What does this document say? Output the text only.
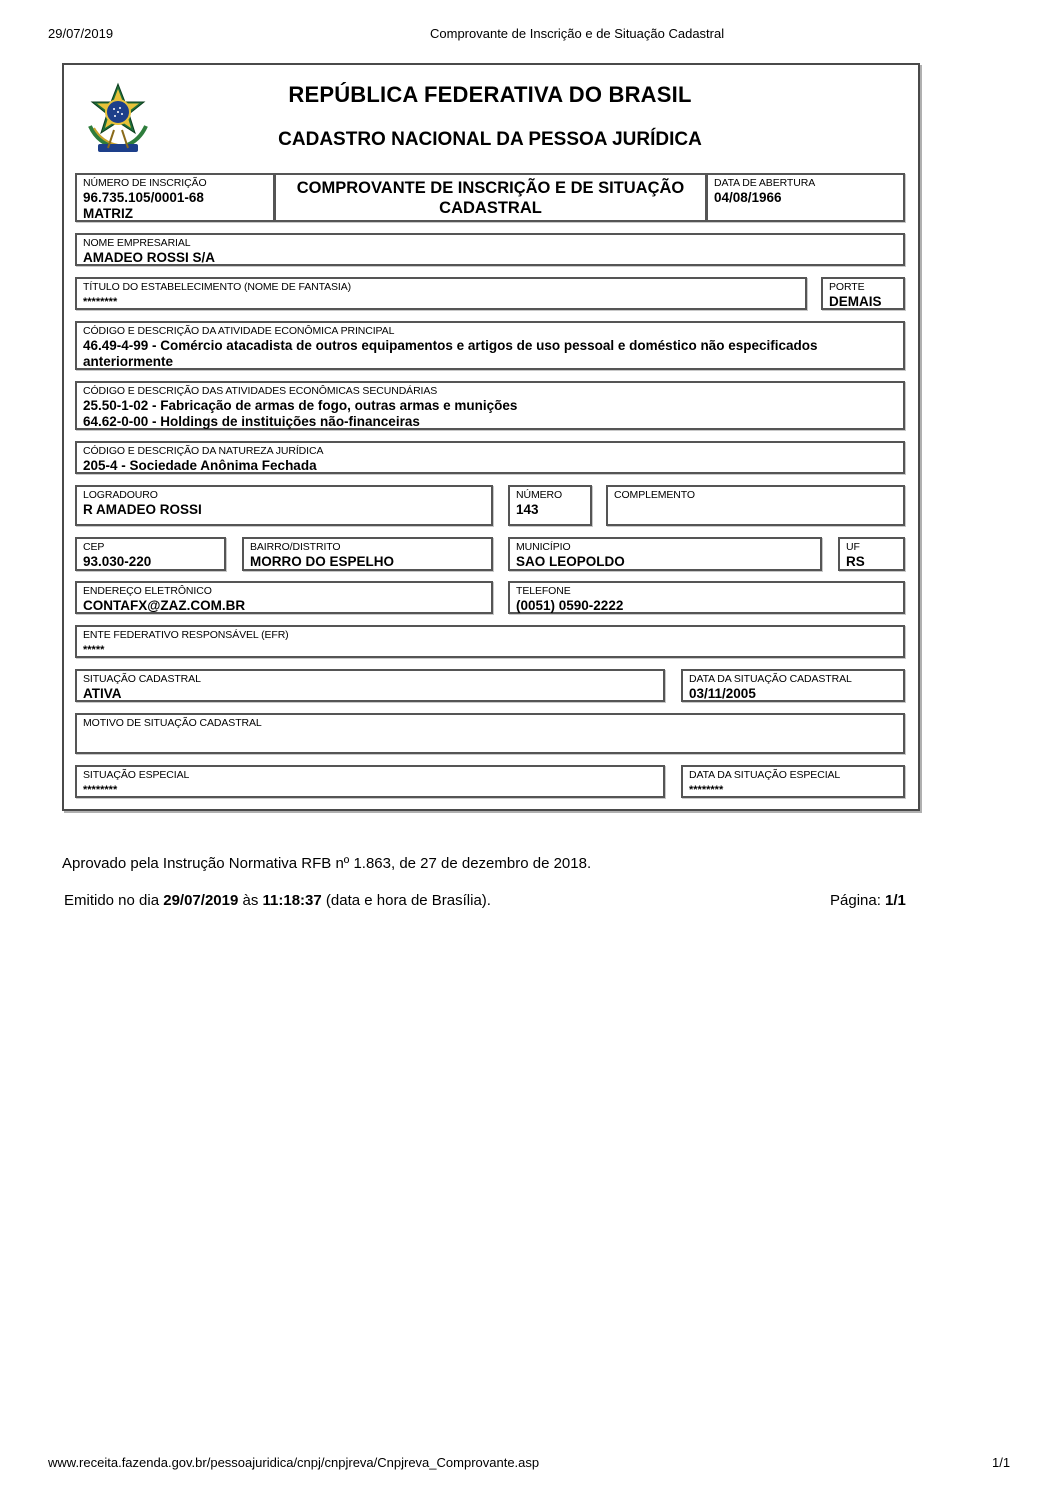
29/07/2019	Comprovante de Inscrição e de Situação Cadastral
REPÚBLICA FEDERATIVA DO BRASIL
CADASTRO NACIONAL DA PESSOA JURÍDICA
NÚMERO DE INSCRIÇÃO
96.735.105/0001-68
MATRIZ
COMPROVANTE DE INSCRIÇÃO E DE SITUAÇÃO
CADASTRAL
DATA DE ABERTURA
04/08/1966
NOME EMPRESARIAL
AMADEO ROSSI S/A
TÍTULO DO ESTABELECIMENTO (NOME DE FANTASIA)
********
PORTE
DEMAIS
CÓDIGO E DESCRIÇÃO DA ATIVIDADE ECONÔMICA PRINCIPAL
46.49-4-99 - Comércio atacadista de outros equipamentos e artigos de uso pessoal e doméstico não especificados anteriormente
CÓDIGO E DESCRIÇÃO DAS ATIVIDADES ECONÔMICAS SECUNDÁRIAS
25.50-1-02 - Fabricação de armas de fogo, outras armas e munições
64.62-0-00 - Holdings de instituições não-financeiras
CÓDIGO E DESCRIÇÃO DA NATUREZA JURÍDICA
205-4 - Sociedade Anônima Fechada
LOGRADOURO
R AMADEO ROSSI
NÚMERO
143
COMPLEMENTO
CEP
93.030-220
BAIRRO/DISTRITO
MORRO DO ESPELHO
MUNICÍPIO
SAO LEOPOLDO
UF
RS
ENDEREÇO ELETRÔNICO
CONTAFX@ZAZ.COM.BR
TELEFONE
(0051) 0590-2222
ENTE FEDERATIVO RESPONSÁVEL (EFR)
*****
SITUAÇÃO CADASTRAL
ATIVA
DATA DA SITUAÇÃO CADASTRAL
03/11/2005
MOTIVO DE SITUAÇÃO CADASTRAL
SITUAÇÃO ESPECIAL
********
DATA DA SITUAÇÃO ESPECIAL
********
Aprovado pela Instrução Normativa RFB nº 1.863, de 27 de dezembro de 2018.
Emitido no dia 29/07/2019 às 11:18:37 (data e hora de Brasília).	Página: 1/1
www.receita.fazenda.gov.br/pessoajuridica/cnpj/cnpjreva/Cnpjreva_Comprovante.asp	1/1
